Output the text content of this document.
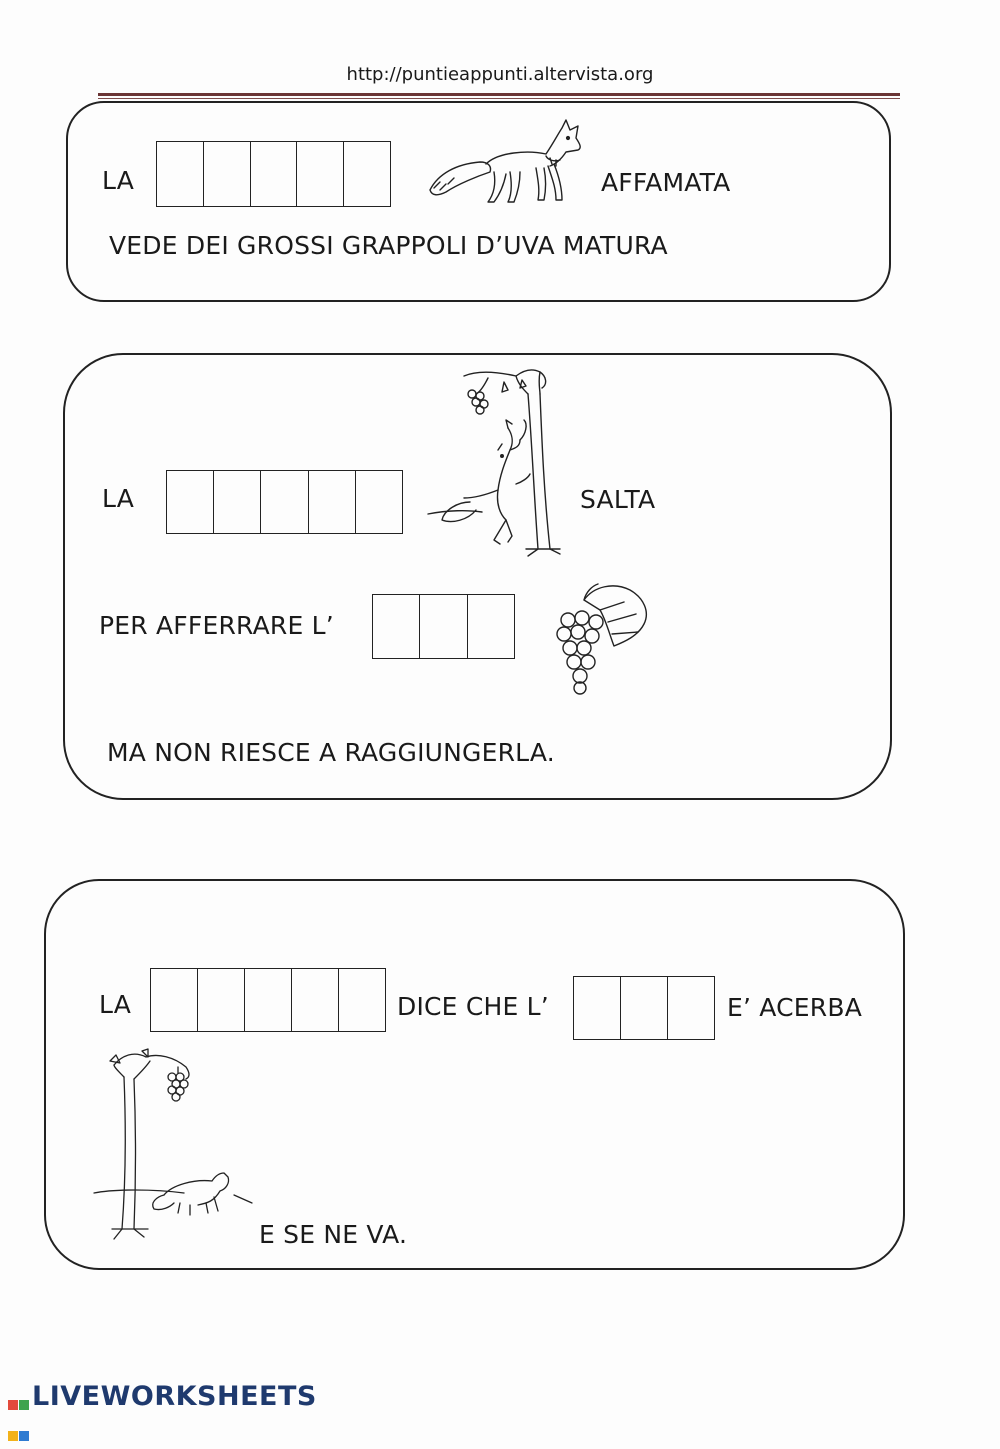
http://puntieappunti.altervista.org
LA	AFFAMATA
VEDE DEI GROSSI GRAPPOLI D’UVA MATURA
LA	SALTA
PER AFFERRARE L’
MA NON RIESCE A RAGGIUNGERLA.
LA	DICE CHE L’	E’ ACERBA
E SE NE VA.
LIVEWORKSHEETS
